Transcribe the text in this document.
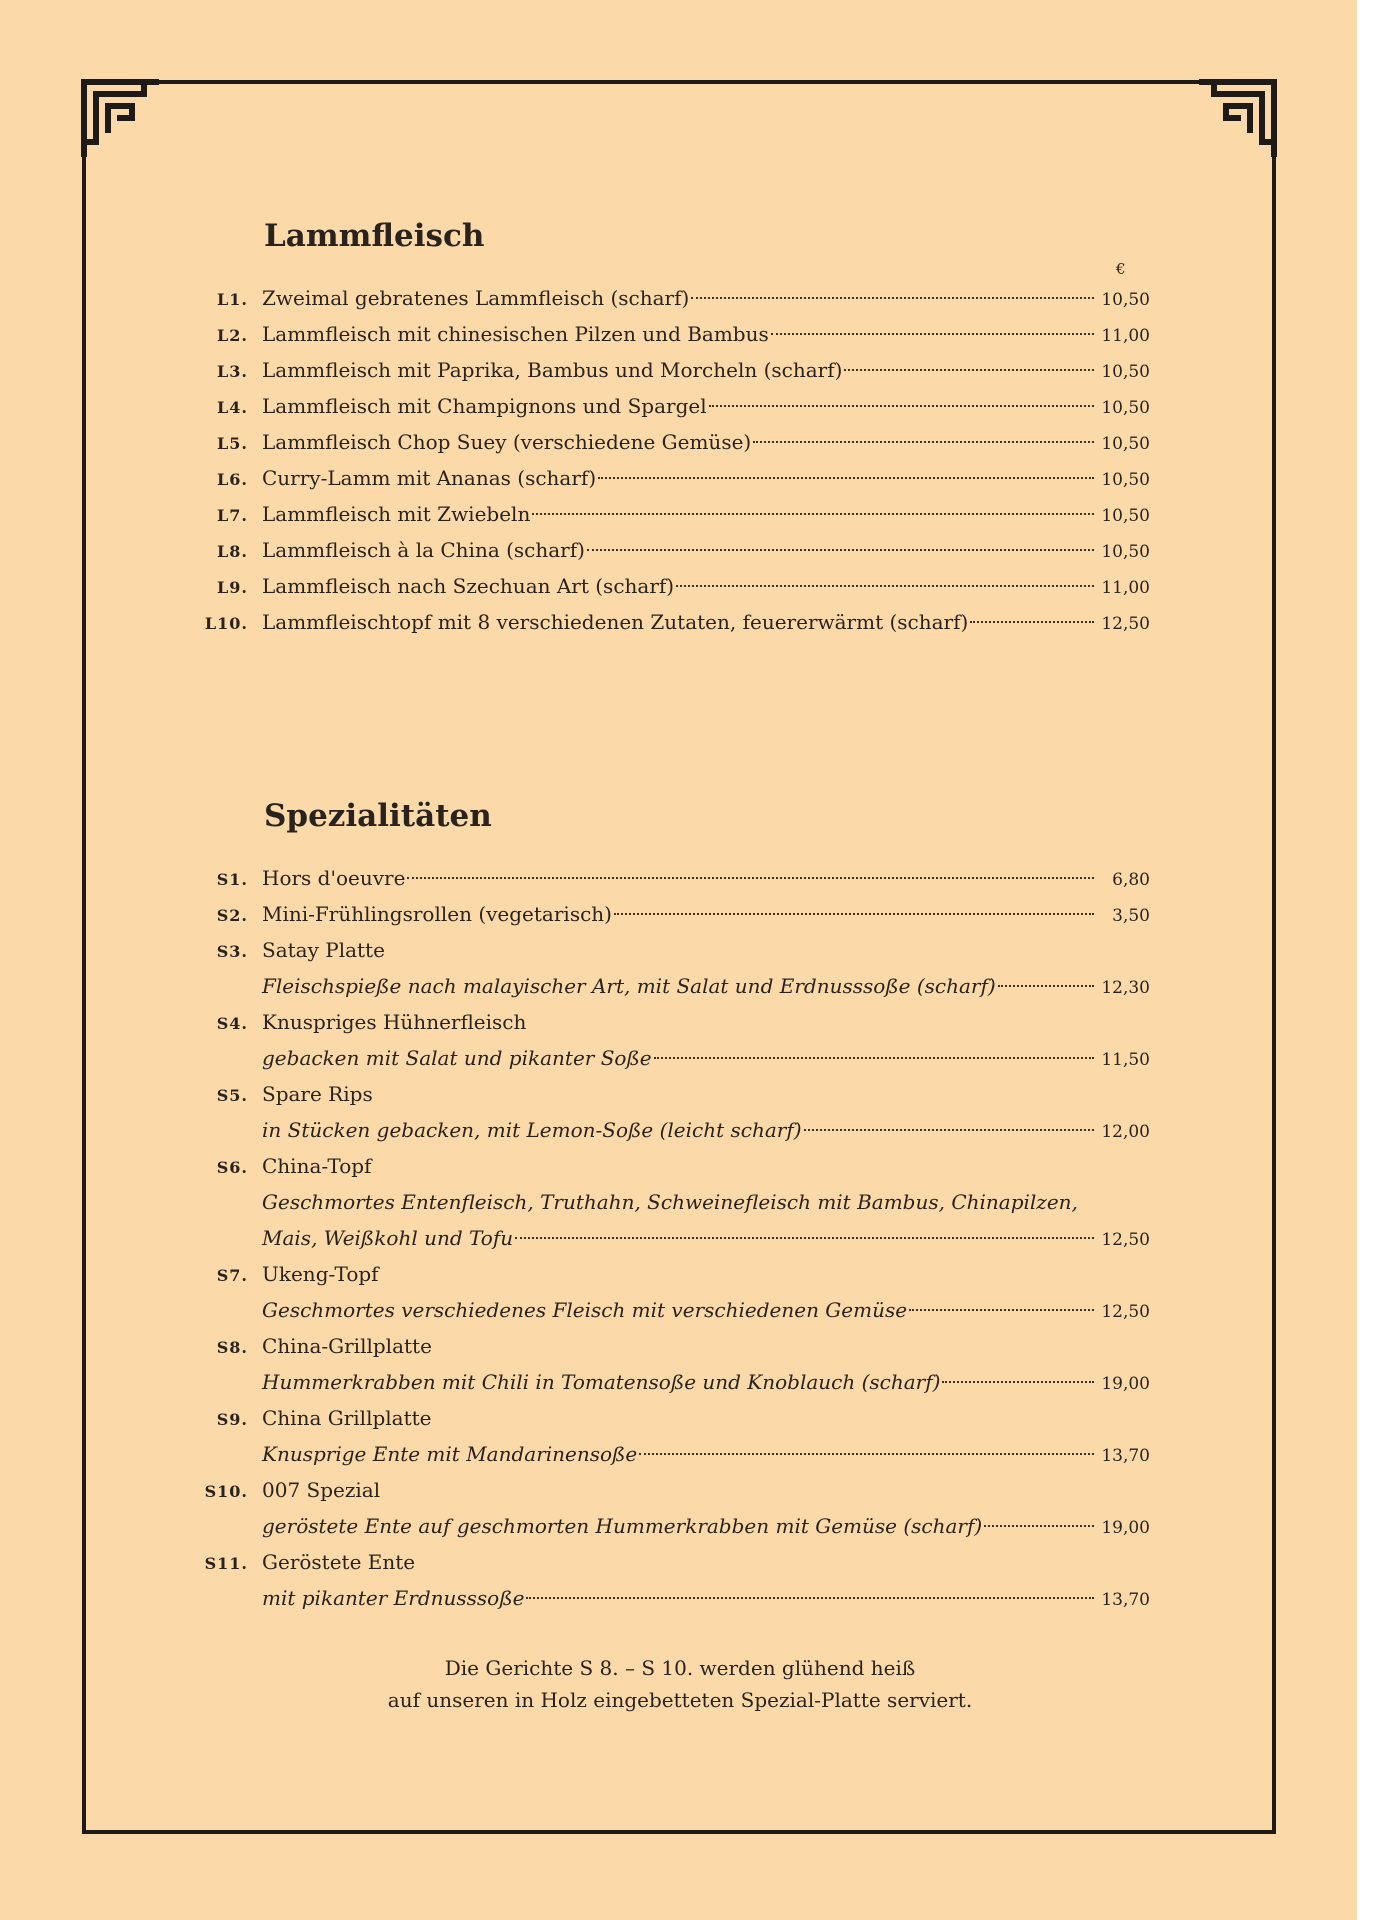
Lammfleisch
€
L1. Zweimal gebratenes Lammfleisch (scharf)	10,50
L2. Lammfleisch mit chinesischen Pilzen und Bambus	11,00
L3. Lammfleisch mit Paprika, Bambus und Morcheln (scharf)	10,50
L4. Lammfleisch mit Champignons und Spargel	10,50
L5. Lammfleisch Chop Suey (verschiedene Gemüse)	10,50
L6. Curry-Lamm mit Ananas (scharf)	10,50
L7. Lammfleisch mit Zwiebeln	10,50
L8. Lammfleisch à la China (scharf)	10,50
L9. Lammfleisch nach Szechuan Art (scharf)	11,00
L10. Lammfleischtopf mit 8 verschiedenen Zutaten, feuererwärmt (scharf)	12,50
Spezialitäten
S1. Hors d'oeuvre	6,80
S2. Mini-Frühlingsrollen (vegetarisch)	3,50
S3. Satay Platte
Fleischspieße nach malayischer Art, mit Salat und Erdnusssoße (scharf)	12,30
S4. Knuspriges Hühnerfleisch
gebacken mit Salat und pikanter Soße	11,50
S5. Spare Rips
in Stücken gebacken, mit Lemon-Soße (leicht scharf)	12,00
S6. China-Topf
Geschmortes Entenfleisch, Truthahn, Schweinefleisch mit Bambus, Chinapilzen,
Mais, Weißkohl und Tofu	12,50
S7. Ukeng-Topf
Geschmortes verschiedenes Fleisch mit verschiedenen Gemüse	12,50
S8. China-Grillplatte
Hummerkrabben mit Chili in Tomatensoße und Knoblauch (scharf)	19,00
S9. China Grillplatte
Knusprige Ente mit Mandarinensoße	13,70
S10. 007 Spezial
geröstete Ente auf geschmorten Hummerkrabben mit Gemüse (scharf)	19,00
S11. Geröstete Ente
mit pikanter Erdnusssoße	13,70

Die Gerichte S 8. – S 10. werden glühend heiß

auf unseren in Holz eingebetteten Spezial-Platte serviert.
